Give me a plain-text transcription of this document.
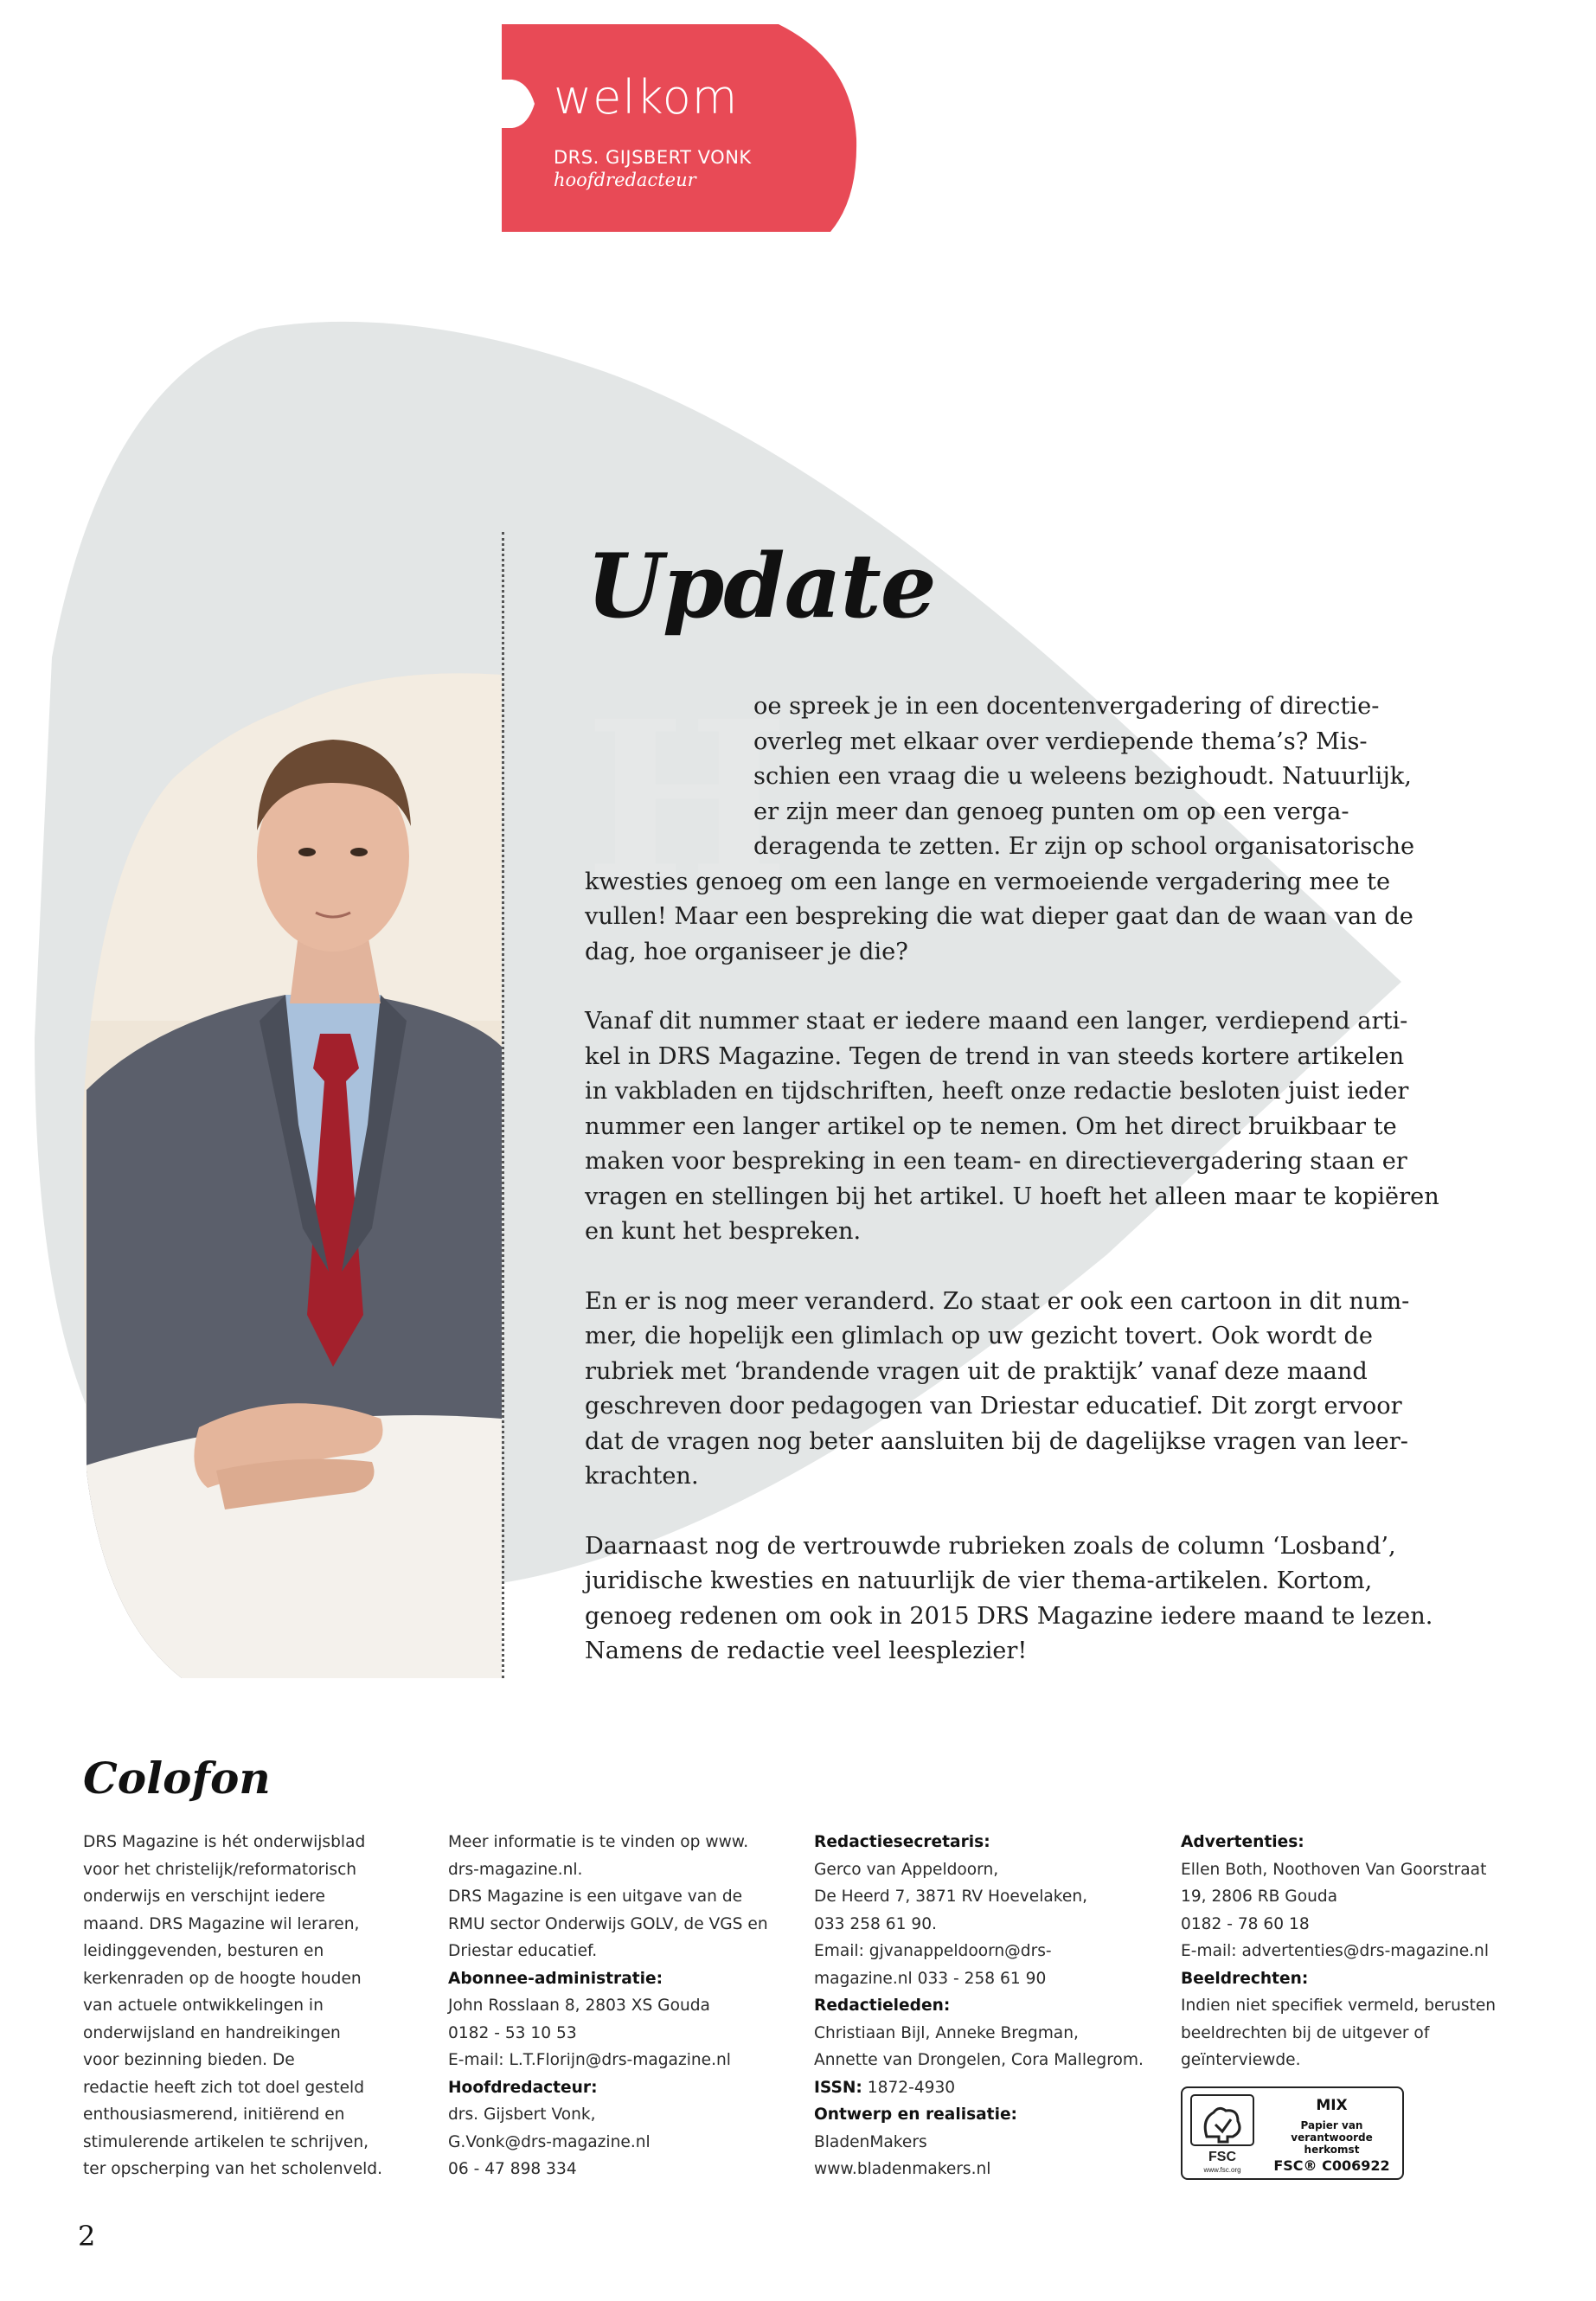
welkom
DRS. GIJSBERT VONK
hoofdredacteur
Update
H
oe spreek je in een docentenvergadering of directie-
overleg met elkaar over verdiepende thema’s? Mis-
schien een vraag die u weleens bezighoudt. Natuurlijk,
er zijn meer dan genoeg punten om op een verga-
deragenda te zetten. Er zijn op school organisatorische
kwesties genoeg om een lange en vermoeiende vergadering mee te
vullen! Maar een bespreking die wat dieper gaat dan de waan van de
dag, hoe organiseer je die?
Vanaf dit nummer staat er iedere maand een langer, verdiepend arti-
kel in DRS Magazine. Tegen de trend in van steeds kortere artikelen
in vakbladen en tijdschriften, heeft onze redactie besloten juist ieder
nummer een langer artikel op te nemen. Om het direct bruikbaar te
maken voor bespreking in een team- en directievergadering staan er
vragen en stellingen bij het artikel. U hoeft het alleen maar te kopiëren
en kunt het bespreken.
En er is nog meer veranderd. Zo staat er ook een cartoon in dit num-
mer, die hopelijk een glimlach op uw gezicht tovert. Ook wordt de
rubriek met ‘brandende vragen uit de praktijk’ vanaf deze maand
geschreven door pedagogen van Driestar educatief. Dit zorgt ervoor
dat de vragen nog beter aansluiten bij de dagelijkse vragen van leer-
krachten.
Daarnaast nog de vertrouwde rubrieken zoals de column ‘Losband’,
juridische kwesties en natuurlijk de vier thema-artikelen. Kortom,
genoeg redenen om ook in 2015 DRS Magazine iedere maand te lezen.
Namens de redactie veel leesplezier!
Colofon
DRS Magazine is hét onderwijsblad
voor het christelijk/reformatorisch
onderwijs en verschijnt iedere
maand. DRS Magazine wil leraren,
leidinggevenden, besturen en
kerkenraden op de hoogte houden
van actuele ontwikkelingen in
onderwijsland en handreikingen
voor bezinning bieden. De
redactie heeft zich tot doel gesteld
enthousiasmerend, initiërend en
stimulerende artikelen te schrijven,
ter opscherping van het scholenveld.
Meer informatie is te vinden op www.
drs-magazine.nl.
DRS Magazine is een uitgave van de
RMU sector Onderwijs GOLV, de VGS en
Driestar educatief.
Abonnee-administratie:
John Rosslaan 8, 2803 XS Gouda
0182 - 53 10 53
E-mail: L.T.Florijn@drs-magazine.nl
Hoofdredacteur:
drs. Gijsbert Vonk,
G.Vonk@drs-magazine.nl
06 - 47 898 334
Redactiesecretaris:
Gerco van Appeldoorn,
De Heerd 7, 3871 RV Hoevelaken,
033 258 61 90.
Email: gjvanappeldoorn@drs-
magazine.nl 033 - 258 61 90
Redactieleden:
Christiaan Bijl, Anneke Bregman,
Annette van Drongelen, Cora Mallegrom.
ISSN: 1872-4930
Ontwerp en realisatie:
BladenMakers
www.bladenmakers.nl
Advertenties:
Ellen Both, Noothoven Van Goorstraat
19, 2806 RB Gouda
0182 - 78 60 18
E-mail: advertenties@drs-magazine.nl
Beeldrechten:
Indien niet specifiek vermeld, berusten
beeldrechten bij de uitgever of
geïnterviewde.
FSC
www.fsc.org
MIX
Papier van
verantwoorde herkomst
FSC® C006922
2
